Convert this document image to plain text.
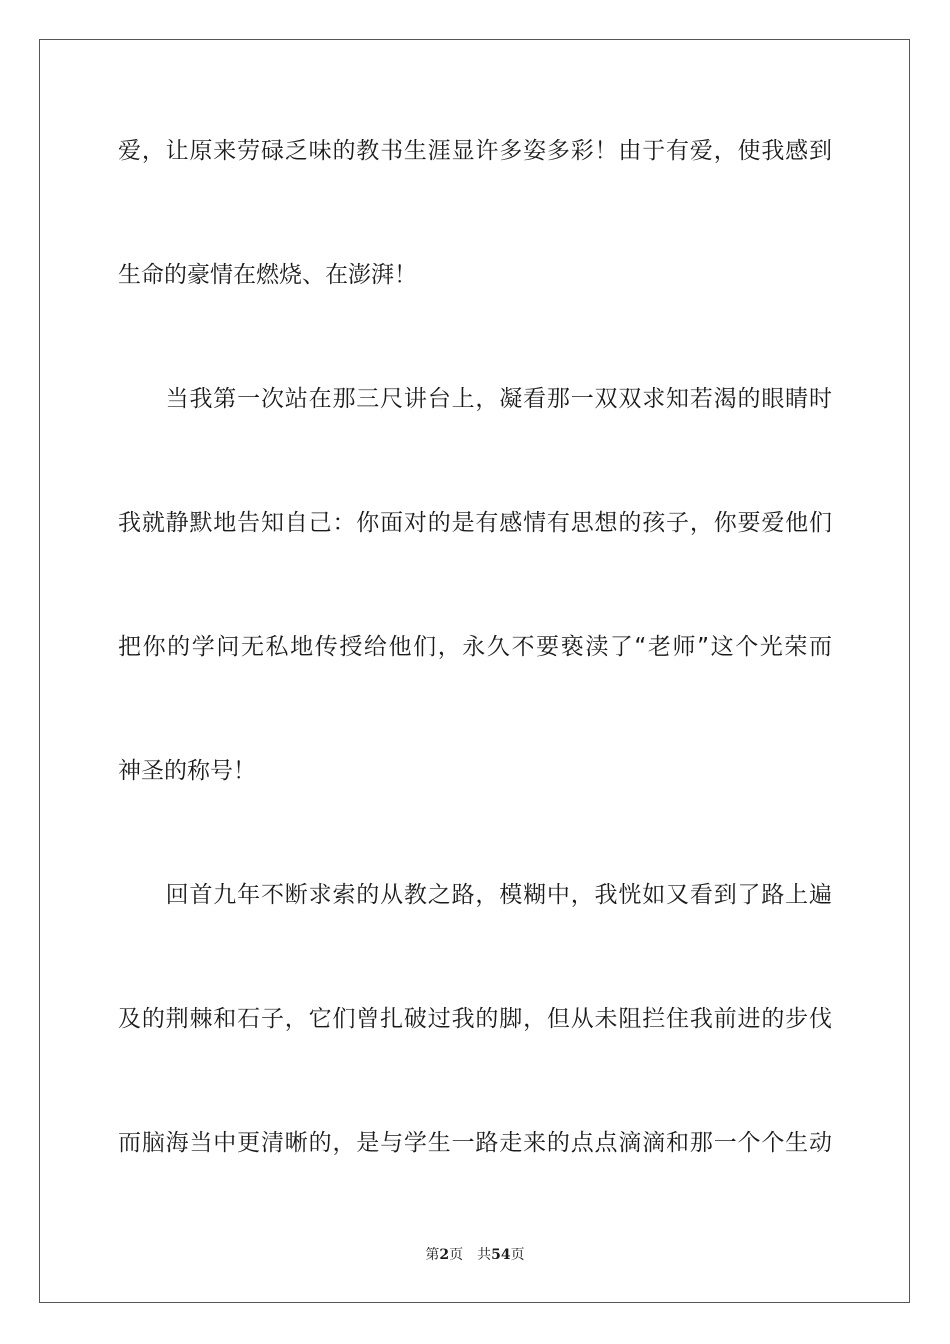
爱，让原来劳碌乏味的教书生涯显许多姿多彩！由于有爱，使我感到
生命的豪情在燃烧、在澎湃！
　　当我第一次站在那三尺讲台上，凝看那一双双求知若渴的眼睛时
我就静默地告知自己：你面对的是有感情有思想的孩子，你要爱他们
把你的学问无私地传授给他们，永久不要亵渎了“老师”这个光荣而
神圣的称号！
　　回首九年不断求索的从教之路，模糊中，我恍如又看到了路上遍
及的荆棘和石子，它们曾扎破过我的脚，但从未阻拦住我前进的步伐
而脑海当中更清晰的，是与学生一路走来的点点滴滴和那一个个生动
第2页 共54页
